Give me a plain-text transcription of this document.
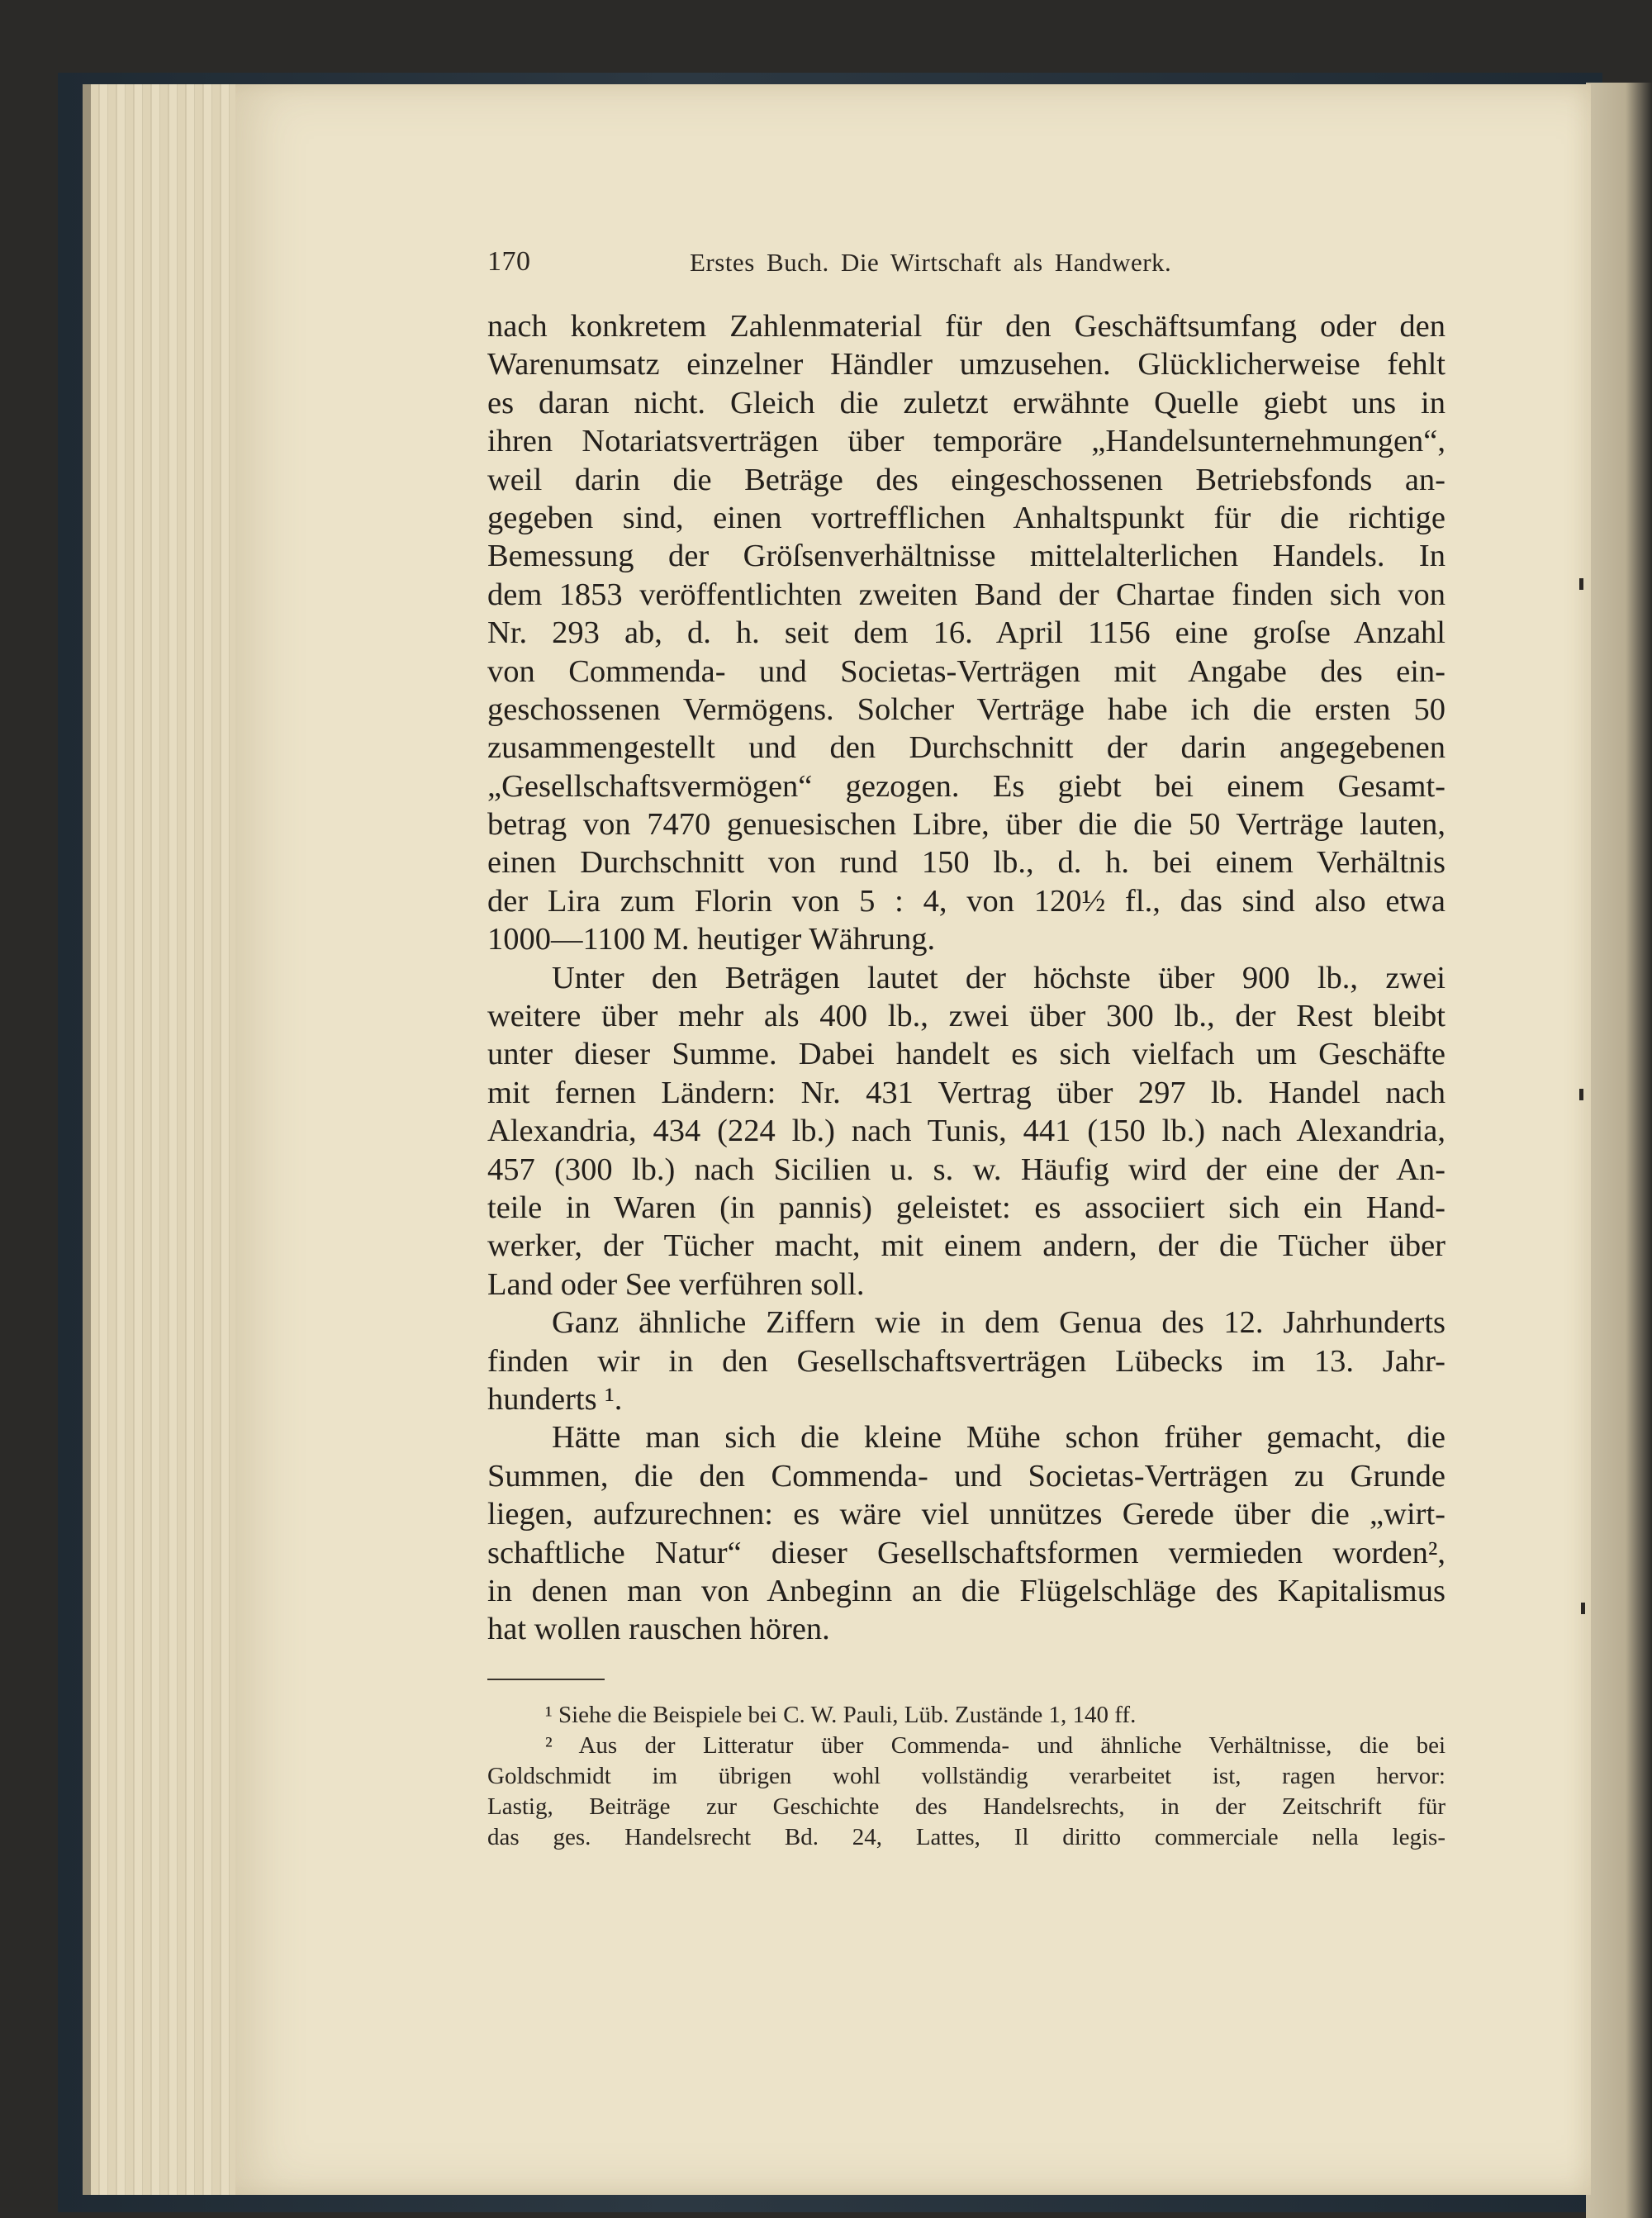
170	Erstes Buch. Die Wirtschaft als Handwerk.
nach konkretem Zahlenmaterial für den Geschäftsumfang oder den
Warenumsatz einzelner Händler umzusehen. Glücklicherweise fehlt
es daran nicht. Gleich die zuletzt erwähnte Quelle giebt uns in
ihren Notariatsverträgen über temporäre „Handelsunternehmungen“,
weil darin die Beträge des eingeschossenen Betriebsfonds an-
gegeben sind, einen vortrefflichen Anhaltspunkt für die richtige
Bemessung der Gröſsenverhältnisse mittelalterlichen Handels. In
dem 1853 veröffentlichten zweiten Band der Chartae finden sich von
Nr. 293 ab, d. h. seit dem 16. April 1156 eine groſse Anzahl
von Commenda- und Societas-Verträgen mit Angabe des ein-
geschossenen Vermögens. Solcher Verträge habe ich die ersten 50
zusammengestellt und den Durchschnitt der darin angegebenen
„Gesellschaftsvermögen“ gezogen. Es giebt bei einem Gesamt-
betrag von 7470 genuesischen Libre, über die die 50 Verträge lauten,
einen Durchschnitt von rund 150 lb., d. h. bei einem Verhältnis
der Lira zum Florin von 5 : 4, von 120½ fl., das sind also etwa
1000—1100 M. heutiger Währung.
Unter den Beträgen lautet der höchste über 900 lb., zwei
weitere über mehr als 400 lb., zwei über 300 lb., der Rest bleibt
unter dieser Summe. Dabei handelt es sich vielfach um Geschäfte
mit fernen Ländern: Nr. 431 Vertrag über 297 lb. Handel nach
Alexandria, 434 (224 lb.) nach Tunis, 441 (150 lb.) nach Alexandria,
457 (300 lb.) nach Sicilien u. s. w. Häufig wird der eine der An-
teile in Waren (in pannis) geleistet: es associiert sich ein Hand-
werker, der Tücher macht, mit einem andern, der die Tücher über
Land oder See verführen soll.
Ganz ähnliche Ziffern wie in dem Genua des 12. Jahrhunderts
finden wir in den Gesellschaftsverträgen Lübecks im 13. Jahr-
hunderts ¹.
Hätte man sich die kleine Mühe schon früher gemacht, die
Summen, die den Commenda- und Societas-Verträgen zu Grunde
liegen, aufzurechnen: es wäre viel unnützes Gerede über die „wirt-
schaftliche Natur“ dieser Gesellschaftsformen vermieden worden²,
in denen man von Anbeginn an die Flügelschläge des Kapitalismus
hat wollen rauschen hören.
¹ Siehe die Beispiele bei C. W. Pauli, Lüb. Zustände 1, 140 ff.
² Aus der Litteratur über Commenda- und ähnliche Verhältnisse, die bei
Goldschmidt im übrigen wohl vollständig verarbeitet ist, ragen hervor:
Lastig, Beiträge zur Geschichte des Handelsrechts, in der Zeitschrift für
das ges. Handelsrecht Bd. 24, Lattes, Il diritto commerciale nella legis-
